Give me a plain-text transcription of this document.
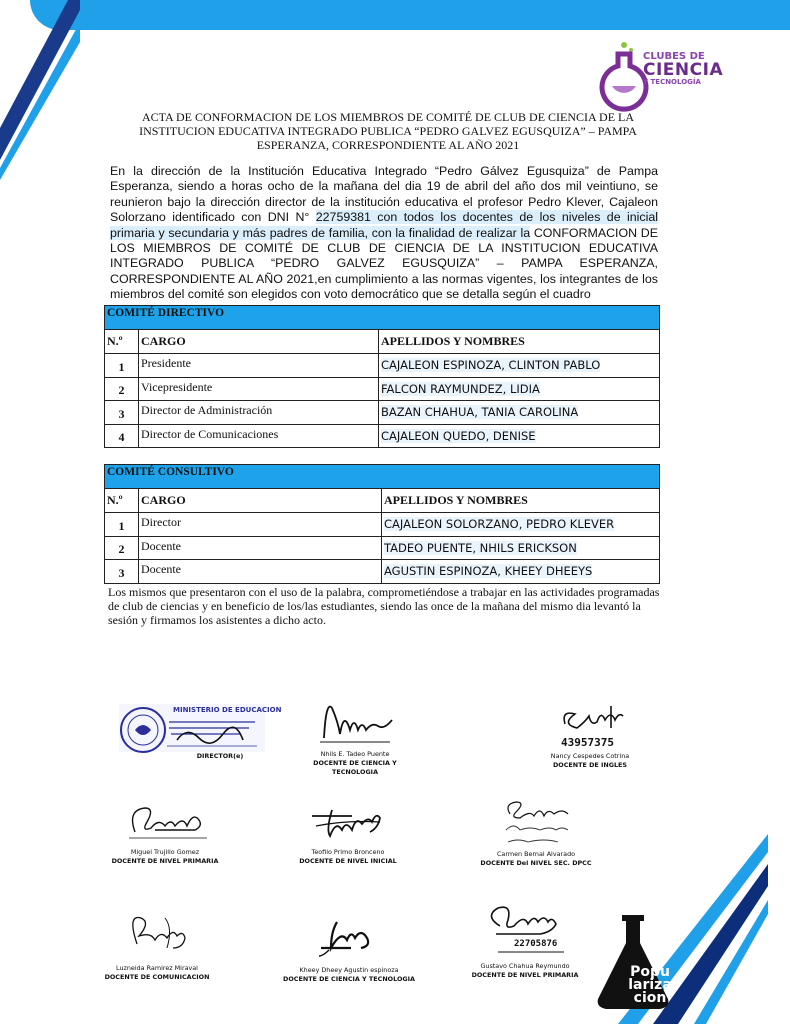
CLUBES DE
CIENCIA
Y TECNOLOGÍA
ACTA DE CONFORMACION DE LOS MIEMBROS DE COMITÉ DE CLUB DE CIENCIA DE LA INSTITUCION EDUCATIVA INTEGRADO PUBLICA “PEDRO GALVEZ EGUSQUIZA” – PAMPA ESPERANZA, CORRESPONDIENTE AL AÑO 2021
En la dirección de la Institución Educativa Integrado “Pedro Gálvez Egusquiza” de Pampa Esperanza, siendo a horas ocho de la mañana del dia 19 de abril del año dos mil veintiuno, se reunieron bajo la dirección director de la institución educativa el profesor Pedro Klever, Cajaleon Solorzano identificado con DNI N° 22759381 con todos los docentes de los niveles de inicial primaria y secundaria y más padres de familia, con la finalidad de realizar la CONFORMACION DE LOS MIEMBROS DE COMITÉ DE CLUB DE CIENCIA DE LA INSTITUCION EDUCATIVA INTEGRADO PUBLICA “PEDRO GALVEZ EGUSQUIZA” – PAMPA ESPERANZA, CORRESPONDIENTE AL AÑO 2021,en cumplimiento a las normas vigentes, los integrantes de los miembros del comité son elegidos con voto democrático que se detalla según el cuadro
COMITÉ DIRECTIVO		
N.º	CARGO	APELLIDOS Y NOMBRES
1	Presidente	CAJALEON ESPINOZA, CLINTON PABLO
2	Vicepresidente	FALCON RAYMUNDEZ, LIDIA
3	Director de Administración	BAZAN CHAHUA, TANIA CAROLINA
4	Director de Comunicaciones	CAJALEON QUEDO, DENISE
COMITÉ CONSULTIVO		
N.º	CARGO	APELLIDOS Y NOMBRES
1	Director	CAJALEON SOLORZANO, PEDRO KLEVER
2	Docente	TADEO PUENTE, NHILS ERICKSON
3	Docente	AGUSTIN ESPINOZA, KHEEY DHEEYS
Los mismos que presentaron con el uso de la palabra, comprometiéndose a trabajar en las actividades programadas de club de ciencias y en beneficio de los/las estudiantes, siendo las once de la mañana del mismo dia levantó la sesión y firmamos los asistentes a dicho acto.
MINISTERIO DE EDUCACION
DIRECTOR(e)	Nhils E. Tadeo Puente
DOCENTE DE CIENCIA Y TECNOLOGIA
43957375
Nancy Cespedes Cotrina
DOCENTE DE INGLES
Miguel Trujillo Gomez
DOCENTE DE NIVEL PRIMARIA
Teofilo Primo Bronceno
DOCENTE DE NIVEL INICIAL
Carmen Bernal Alvarado
DOCENTE Del NIVEL SEC. DPCC
Luzneida Ramirez Miraval
DOCENTE DE COMUNICACION
Kheey Dheey Agustin espinoza
DOCENTE DE CIENCIA Y TECNOLOGIA
22705876
Gustavo Chahua Reymundo
DOCENTE DE NIVEL PRIMARIA	Popu lariza cion
